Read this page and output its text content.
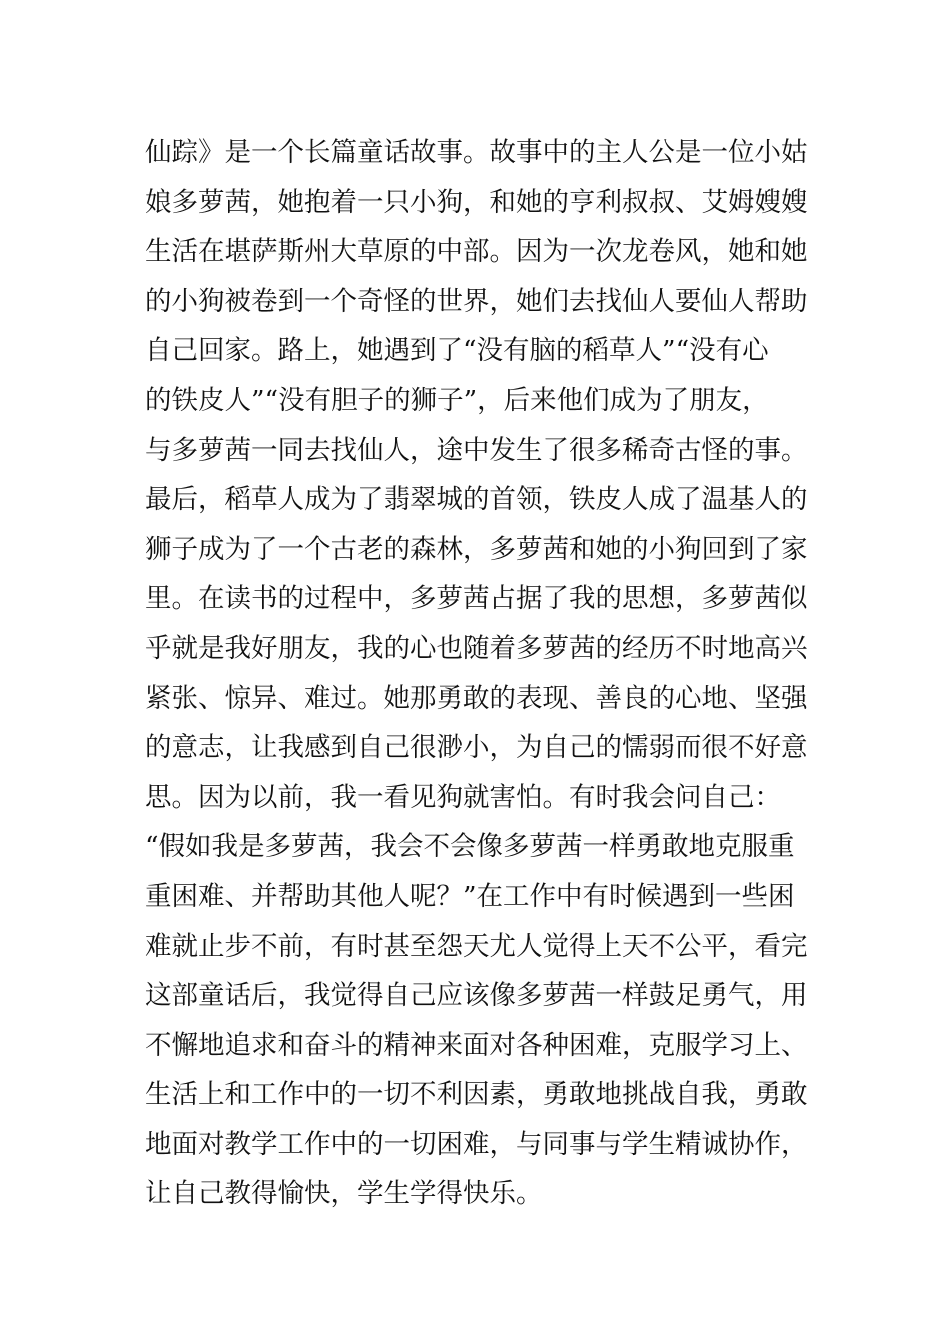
仙踪》是一个长篇童话故事。故事中的主人公是一位小姑
娘多萝茜，她抱着一只小狗，和她的亨利叔叔、艾姆嫂嫂
生活在堪萨斯州大草原的中部。因为一次龙卷风，她和她
的小狗被卷到一个奇怪的世界，她们去找仙人要仙人帮助
自己回家。路上，她遇到了“没有脑的稻草人”“没有心
的铁皮人”“没有胆子的狮子”，后来他们成为了朋友，
与多萝茜一同去找仙人，途中发生了很多稀奇古怪的事。
最后，稻草人成为了翡翠城的首领，铁皮人成了温基人的
狮子成为了一个古老的森林，多萝茜和她的小狗回到了家
里。在读书的过程中，多萝茜占据了我的思想，多萝茜似
乎就是我好朋友，我的心也随着多萝茜的经历不时地高兴
紧张、惊异、难过。她那勇敢的表现、善良的心地、坚强
的意志，让我感到自己很渺小，为自己的懦弱而很不好意
思。因为以前，我一看见狗就害怕。有时我会问自己：
“假如我是多萝茜，我会不会像多萝茜一样勇敢地克服重
重困难、并帮助其他人呢？”在工作中有时候遇到一些困
难就止步不前，有时甚至怨天尤人觉得上天不公平，看完
这部童话后，我觉得自己应该像多萝茜一样鼓足勇气，用
不懈地追求和奋斗的精神来面对各种困难，克服学习上、
生活上和工作中的一切不利因素，勇敢地挑战自我，勇敢
地面对教学工作中的一切困难，与同事与学生精诚协作，
让自己教得愉快，学生学得快乐。
